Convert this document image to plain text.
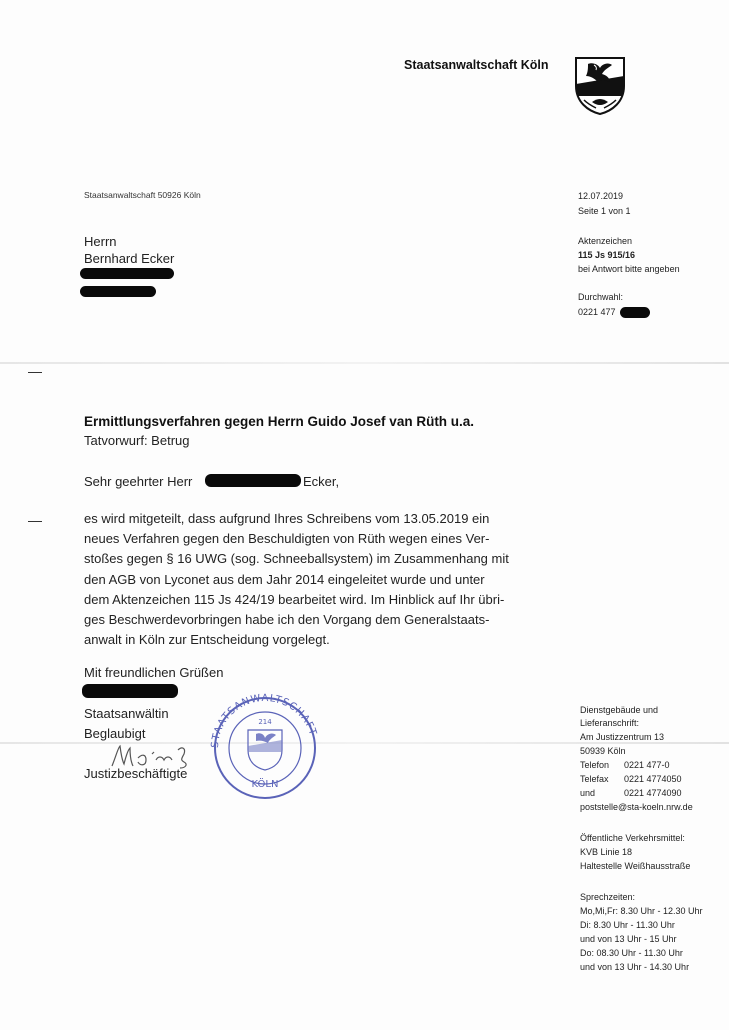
Staatsanwaltschaft Köln
Staatsanwaltschaft 50926 Köln
Herrn
Bernhard Ecker
12.07.2019
Seite 1 von 1
Aktenzeichen
115 Js 915/16
bei Antwort bitte angeben
Durchwahl:
0221 477
Ermittlungsverfahren gegen Herrn Guido Josef van Rüth u.a.
Tatvorwurf: Betrug
Sehr geehrter Herr	Ecker,

es wird mitgeteilt, dass aufgrund Ihres Schreibens vom 13.05.2019 ein

neues Verfahren gegen den Beschuldigten von Rüth wegen eines Ver-

stoßes gegen § 16 UWG (sog. Schneeballsystem) im Zusammenhang mit

den AGB von Lyconet aus dem Jahr 2014 eingeleitet wurde und unter

dem Aktenzeichen 115 Js 424/19 bearbeitet wird. Im Hinblick auf Ihr übri-

ges Beschwerdevorbringen habe ich den Vorgang dem Generalstaats-

anwalt in Köln zur Entscheidung vorgelegt.

Mit freundlichen Grüßen
Staatsanwältin
Beglaubigt
Justizbeschäftigte
STAATSANWALTSCHAFT
KÖLN
214
Dienstgebäude und
Lieferanschrift:
Am Justizzentrum 13
50939 Köln
Telefon 0221 477-0
Telefax 0221 4774050
und	0221 4774090
poststelle@sta-koeln.nrw.de
Öffentliche Verkehrsmittel:
KVB Linie 18
Haltestelle Weißhausstraße
Sprechzeiten:
Mo,Mi,Fr: 8.30 Uhr - 12.30 Uhr
Di: 8.30 Uhr - 11.30 Uhr
und von 13 Uhr - 15 Uhr
Do: 08.30 Uhr - 11.30 Uhr
und von 13 Uhr - 14.30 Uhr
